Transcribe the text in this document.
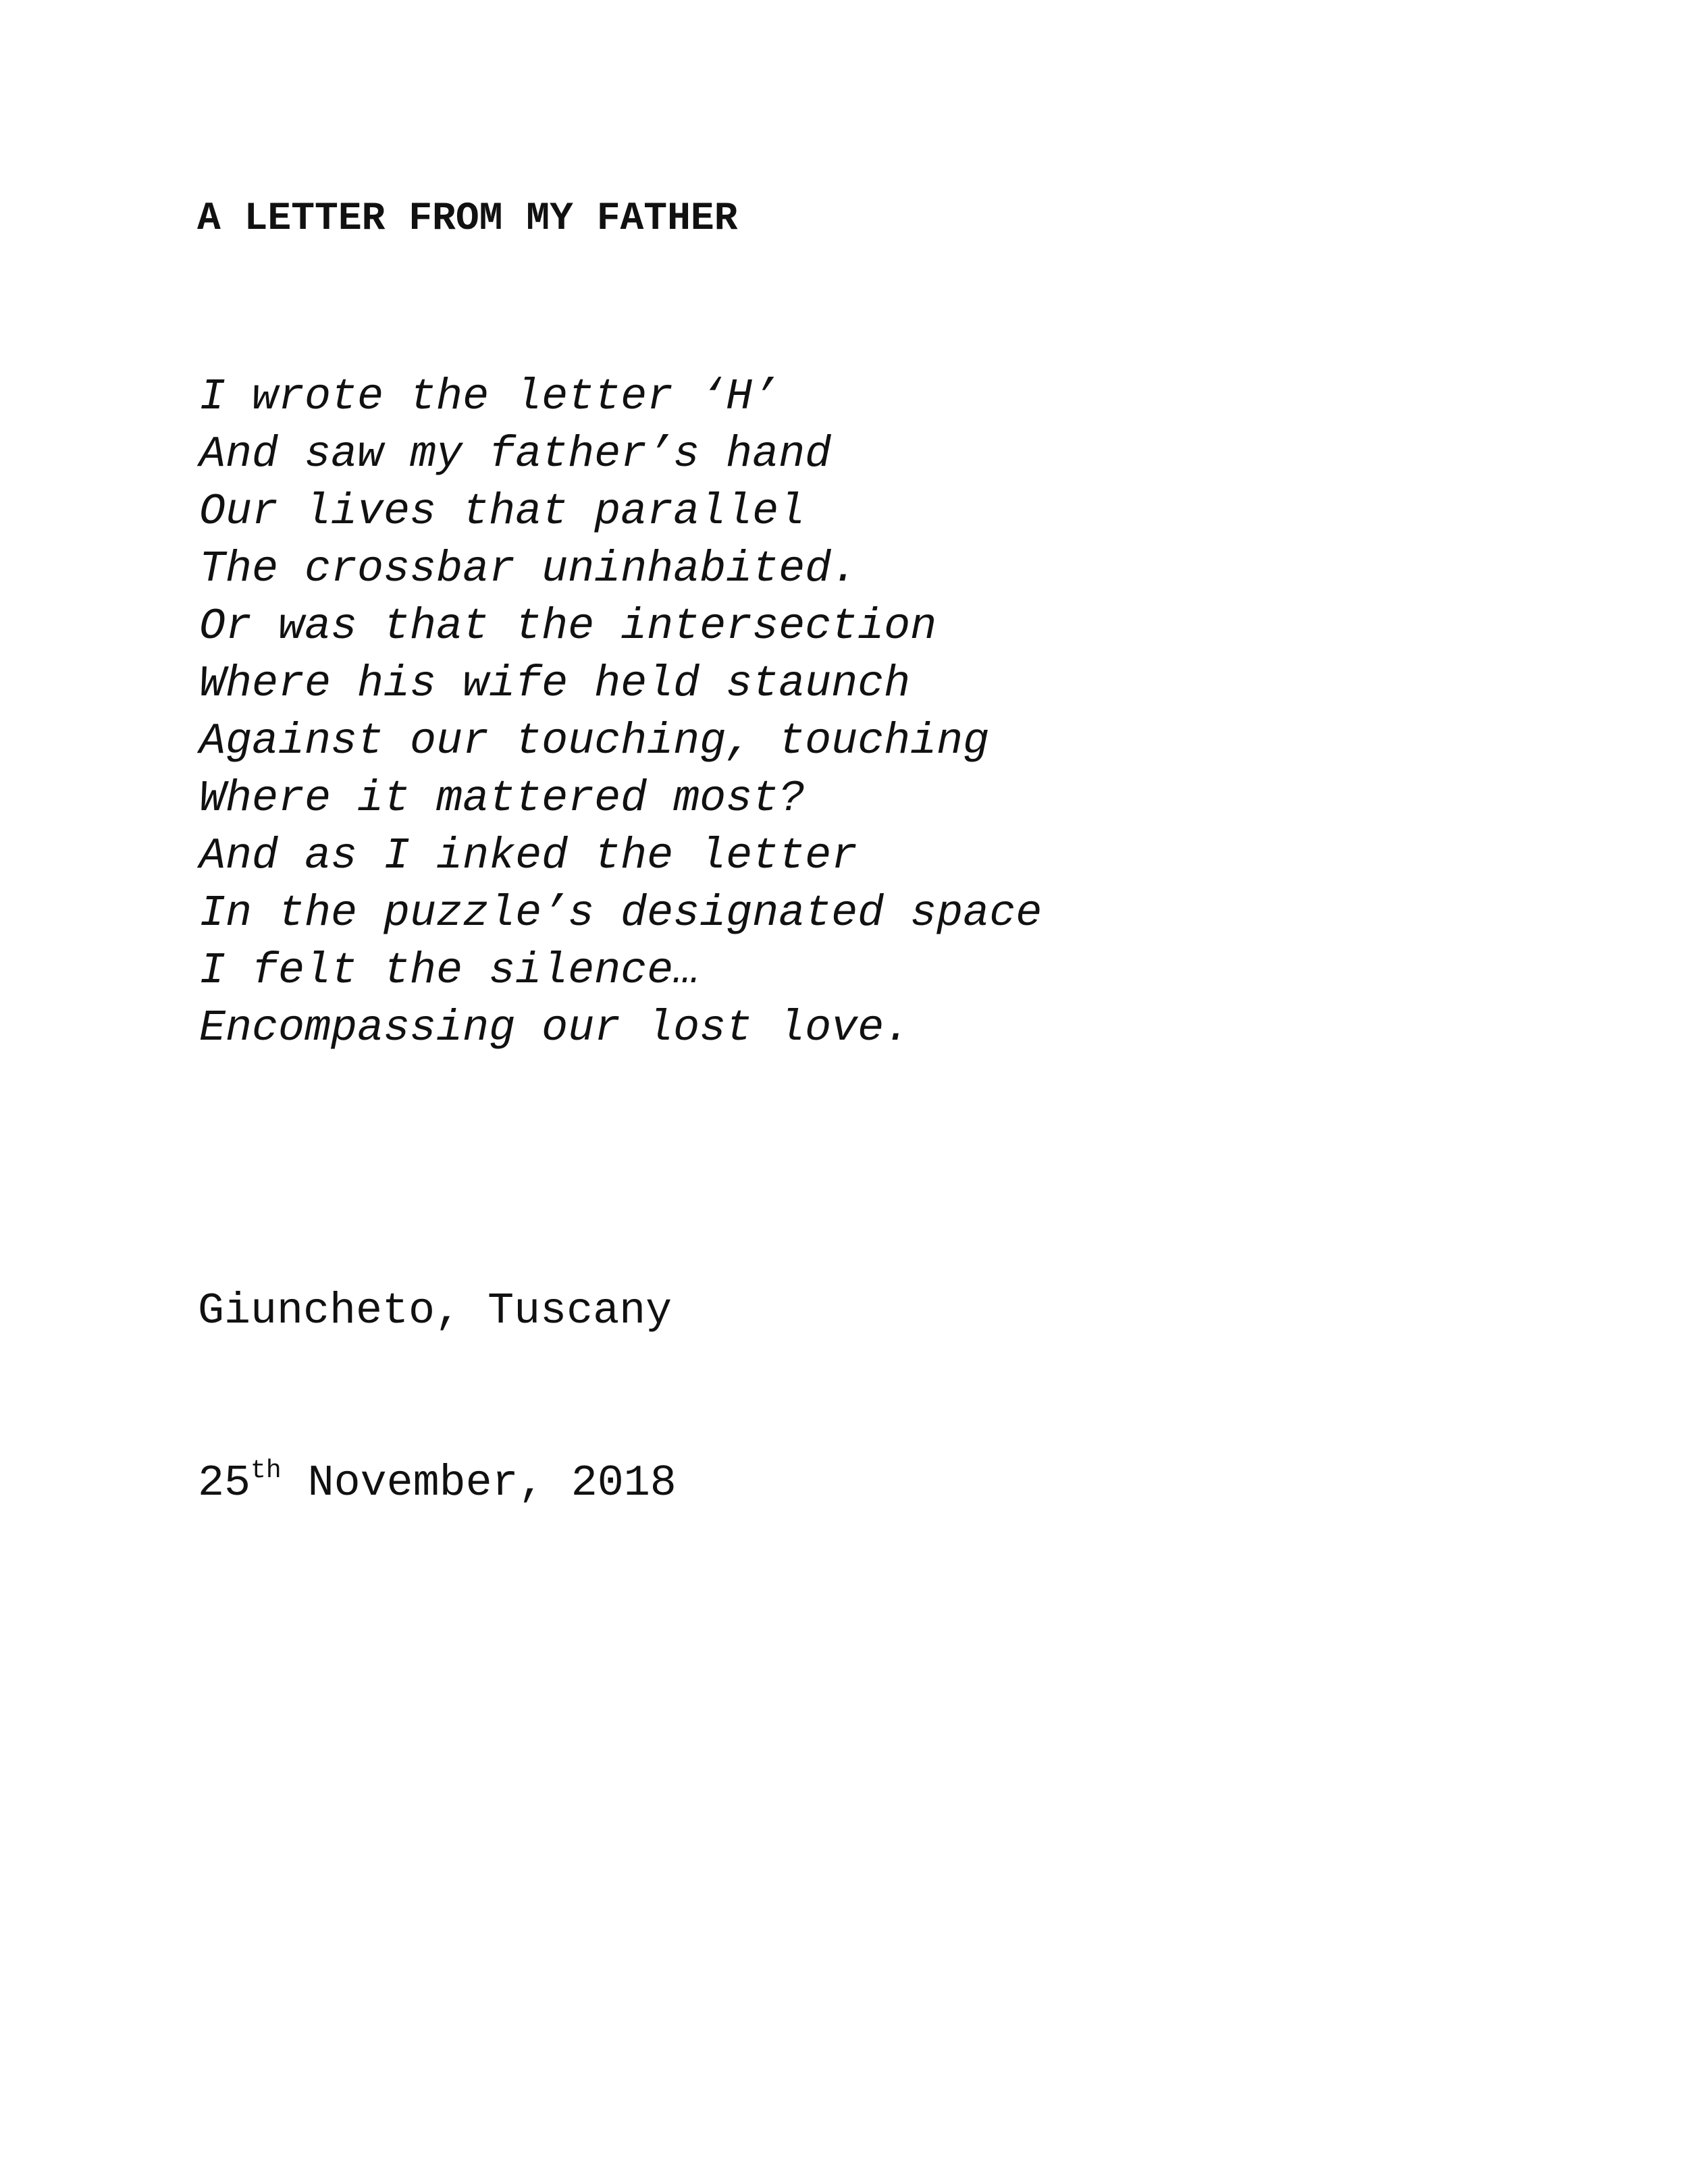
A LETTER FROM MY FATHER
I wrote the letter ‘H’
And saw my father’s hand
Our lives that parallel
The crossbar uninhabited.
Or was that the intersection
Where his wife held staunch
Against our touching, touching
Where it mattered most?
And as I inked the letter
In the puzzle’s designated space
I felt the silence…
Encompassing our lost love.

Giuncheto, Tuscany

25th November, 2018
